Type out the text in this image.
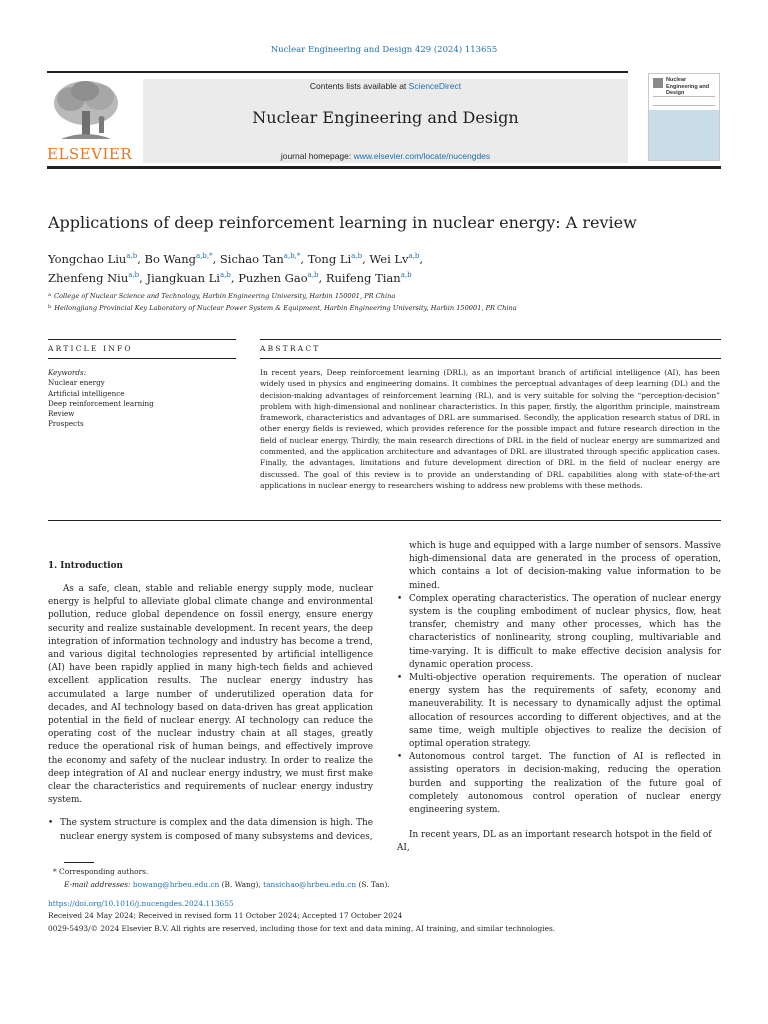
Nuclear Engineering and Design 429 (2024) 113655
ELSEVIER
Contents lists available at ScienceDirect
Nuclear Engineering and Design
journal homepage: www.elsevier.com/locate/nucengdes
Nuclear Engineering and Design
Applications of deep reinforcement learning in nuclear energy: A review
Yongchao Liu$^{a,b}$, Bo Wang$^{a,b,*}$, Sichao Tan$^{a,b,*}$, Tong Li$^{a,b}$, Wei Lv$^{a,b}$,
Zhenfeng Niu$^{a,b}$, Jiangkuan Li$^{a,b}$, Puzhen Gao$^{a,b}$, Ruifeng Tian$^{a,b}$
$^a$ College of Nuclear Science and Technology, Harbin Engineering University, Harbin 150001, PR China
$^b$ Heilongjiang Provincial Key Laboratory of Nuclear Power System & Equipment, Harbin Engineering University, Harbin 150001, PR China
ARTICLE INFO	ABSTRACT
Keywords:
Nuclear energy
Artificial intelligence
Deep reinforcement learning
Review
Prospects
In recent years, Deep reinforcement learning (DRL), as an important branch of artificial intelligence (AI), has been widely used in physics and engineering domains. It combines the perceptual advantages of deep learning (DL) and the decision-making advantages of reinforcement learning (RL), and is very suitable for solving the “perception-decision” problem with high-dimensional and nonlinear characteristics. In this paper, firstly, the algorithm principle, mainstream framework, characteristics and advantages of DRL are summarised. Secondly, the application research status of DRL in other energy fields is reviewed, which provides reference for the possible impact and future research direction in the field of nuclear energy. Thirdly, the main research directions of DRL in the field of nuclear energy are summarized and commented, and the application architecture and advantages of DRL are illustrated through specific application cases. Finally, the advantages, limitations and future development direction of DRL in the field of nuclear energy are discussed. The goal of this review is to provide an understanding of DRL capabilities along with state-of-the-art applications in nuclear energy to researchers wishing to address new problems with these methods.
1. Introduction
As a safe, clean, stable and reliable energy supply mode, nuclear energy is helpful to alleviate global climate change and environmental pollution, reduce global dependence on fossil energy, ensure energy security and realize sustainable development. In recent years, the deep integration of information technology and industry has become a trend, and various digital technologies represented by artificial intelligence (AI) have been rapidly applied in many high-tech fields and achieved excellent application results. The nuclear energy industry has accumulated a large number of underutilized operation data for decades, and AI technology based on data-driven has great application potential in the field of nuclear energy. AI technology can reduce the operating cost of the nuclear industry chain at all stages, greatly reduce the operational risk of human beings, and effectively improve the economy and safety of the nuclear industry. In order to realize the deep integration of AI and nuclear energy industry, we must first make clear the characteristics and requirements of nuclear energy industry system.
• The system structure is complex and the data dimension is high. The nuclear energy system is composed of many subsystems and devices,
which is huge and equipped with a large number of sensors. Massive high-dimensional data are generated in the process of operation, which contains a lot of decision-making value information to be mined.
• Complex operating characteristics. The operation of nuclear energy system is the coupling embodiment of nuclear physics, flow, heat transfer, chemistry and many other processes, which has the characteristics of nonlinearity, strong coupling, multivariable and time-varying. It is difficult to make effective decision analysis for dynamic operation process.
• Multi-objective operation requirements. The operation of nuclear energy system has the requirements of safety, economy and maneuverability. It is necessary to dynamically adjust the optimal allocation of resources according to different objectives, and at the same time, weigh multiple objectives to realize the decision of optimal operation strategy.
• Autonomous control target. The function of AI is reflected in assisting operators in decision-making, reducing the operation burden and supporting the realization of the future goal of completely autonomous control operation of nuclear energy engineering system.
In recent years, DL as an important research hotspot in the field of AI,
* Corresponding authors.
E-mail addresses: bowang@hrbeu.edu.cn (B. Wang), tansichao@hrbeu.edu.cn (S. Tan).
https://doi.org/10.1016/j.nucengdes.2024.113655
Received 24 May 2024; Received in revised form 11 October 2024; Accepted 17 October 2024
0029-5493/© 2024 Elsevier B.V. All rights are reserved, including those for text and data mining, AI training, and similar technologies.
